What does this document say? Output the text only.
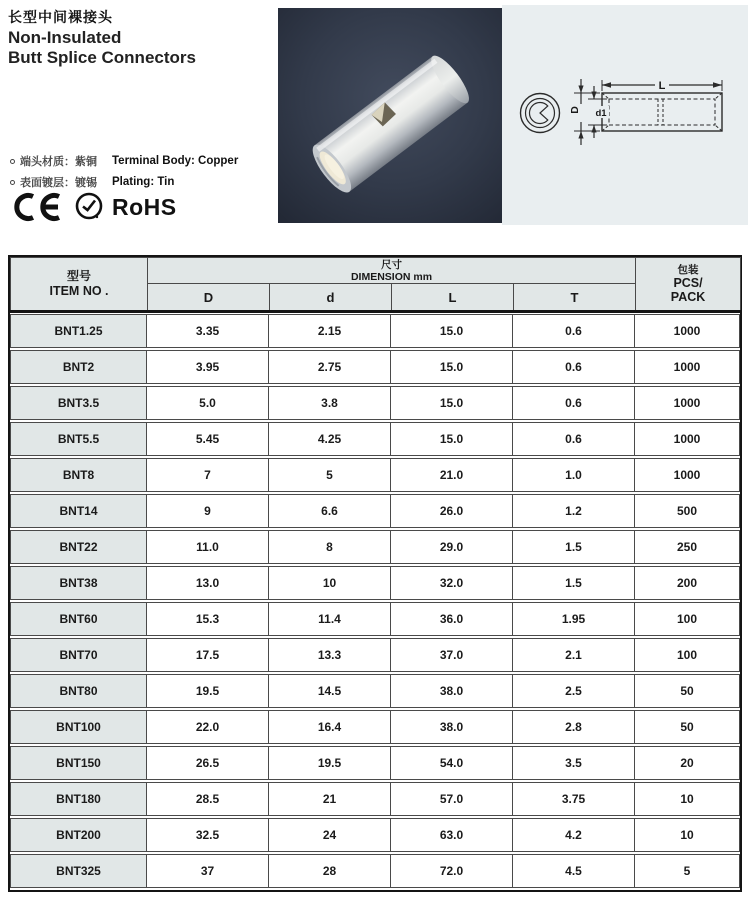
长型中间裸接头
Non-Insulated
Butt Splice Connectors
端头材质：紫铜	Terminal Body: Copper
表面镀层：镀锡	Plating: Tin
RoHS
L
D d1
型号
ITEM NO .

尺寸
DIMENSION mm

包装
PCS/
PACK

	D	d	L	T	
BNT1.25	3.35	2.15	15.0	0.6	1000
BNT2	3.95	2.75	15.0	0.6	1000
BNT3.5	5.0	3.8	15.0	0.6	1000
BNT5.5	5.45	4.25	15.0	0.6	1000
BNT8	7	5	21.0	1.0	1000
BNT14	9	6.6	26.0	1.2	500
BNT22	11.0	8	29.0	1.5	250
BNT38	13.0	10	32.0	1.5	200
BNT60	15.3	11.4	36.0	1.95	100
BNT70	17.5	13.3	37.0	2.1	100
BNT80	19.5	14.5	38.0	2.5	50
BNT100	22.0	16.4	38.0	2.8	50
BNT150	26.5	19.5	54.0	3.5	20
BNT180	28.5	21	57.0	3.75	10
BNT200	32.5	24	63.0	4.2	10
BNT325	37	28	72.0	4.5	5
